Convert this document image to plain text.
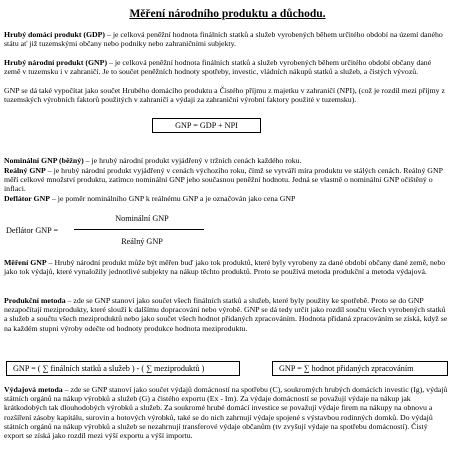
Měření národního produktu a důchodu.

Hrubý domácí produkt (GDP) – je celková peněžní hodnota finálních statků a služeb vyrobených během určitého období na území daného státu ať již tuzemskými občany nebo podniky nebo zahraničními subjekty.

Hrubý národní produkt (GNP) – je celková peněžní hodnota finálních statků a služeb vyrobených během určitého období občany dané země v tuzemsku i v zahraničí. Je to součet peněžních hodnoty spotřeby, investic, vládních nákupů statků a služeb, a čistých vývozů.

GNP se dá také vypočítat jako součet Hrubého domácího produktu a Čistého příjmu z majetku v zahraničí (NPI), (což je rozdíl mezi příjmy z tuzemských výrobních faktorů použitých v zahraničí a výdaji za zahraniční výrobní faktory použité v tuzemsku).

GNP = GDP + NPI

Nominální GNP (běžný) – je hrubý národní produkt vyjádřený v tržních cenách každého roku.

Reálný GNP – je hrubý národní produkt vyjádřený v cenách výchozího roku, čímž se vytváří míra produktu ve stálých cenách. Reálný GNP měří celkové množství produktu, zatímco nominální GNP jeho současnou peněžní hodnotu. Jedná se vlastně o nominální GNP očištěný o inflaci.

Deflátor GNP – je poměr nominálního GNP k reálnému GNP a je označován jako cena GNP

Deflátor GNP =
Nominální GNP
Reálný GNP

Měření GNP – Hrubý národní produkt může být měřen buď jako tok produktů, které byly vyrobeny za dané období občany dané země, nebo jako tok výdajů, které vynaložily jednotlivé subjekty na nákup těchto produktů. Proto se používá metoda produkční a metoda výdajová.

Produkční metoda – zde se GNP stanoví jako součet všech finálních statků a služeb, které byly použity ke spotřebě. Proto se do GNP nezapočítají meziprodukty, které slouží k dalšímu dopracování nebo výrobě. GNP se dá tedy určit jako rozdíl součtu všech vyrobených statků a služeb a součtu všech meziproduktů nebo jako součet všech hodnot přidaných zpracováním. Hodnota přidaná zpracováním se získá, když se na každém stupni výroby odečte od hodnoty produkce hodnota meziproduktu.

GNP = ( ∑ finálních statků a služeb ) - ( ∑ meziproduktů )	GNP = ∑ hodnot přidaných zpracováním

Výdajová metoda – zde se GNP stanoví jako součet výdajů domácností na spotřebu (C), soukromých hrubých domácích investic (Ig), výdajů státních orgánů na nákup výrobků a služeb (G) a čistého exportu (Ex - Im). Za výdaje domácností se považují výdaje na nákup jak krátkodobých tak dlouhodobých výrobků a služeb. Za soukromé hrubé domácí investice se považují výdaje firem na nákupy na obnovu a rozšíření zásoby kapitálu, surovin a hotových výrobků, také se do nich zahrnují výdaje spojené s výstavbou rodinných domků. Do výdajů státních orgánů na nákup výrobků a služeb se nezahrnují transferové výdaje občanům (tv zvyšují výdaje na spotřebu domácností). Čistý export se získá jako rozdíl mezi výší exportu a výší importu.
